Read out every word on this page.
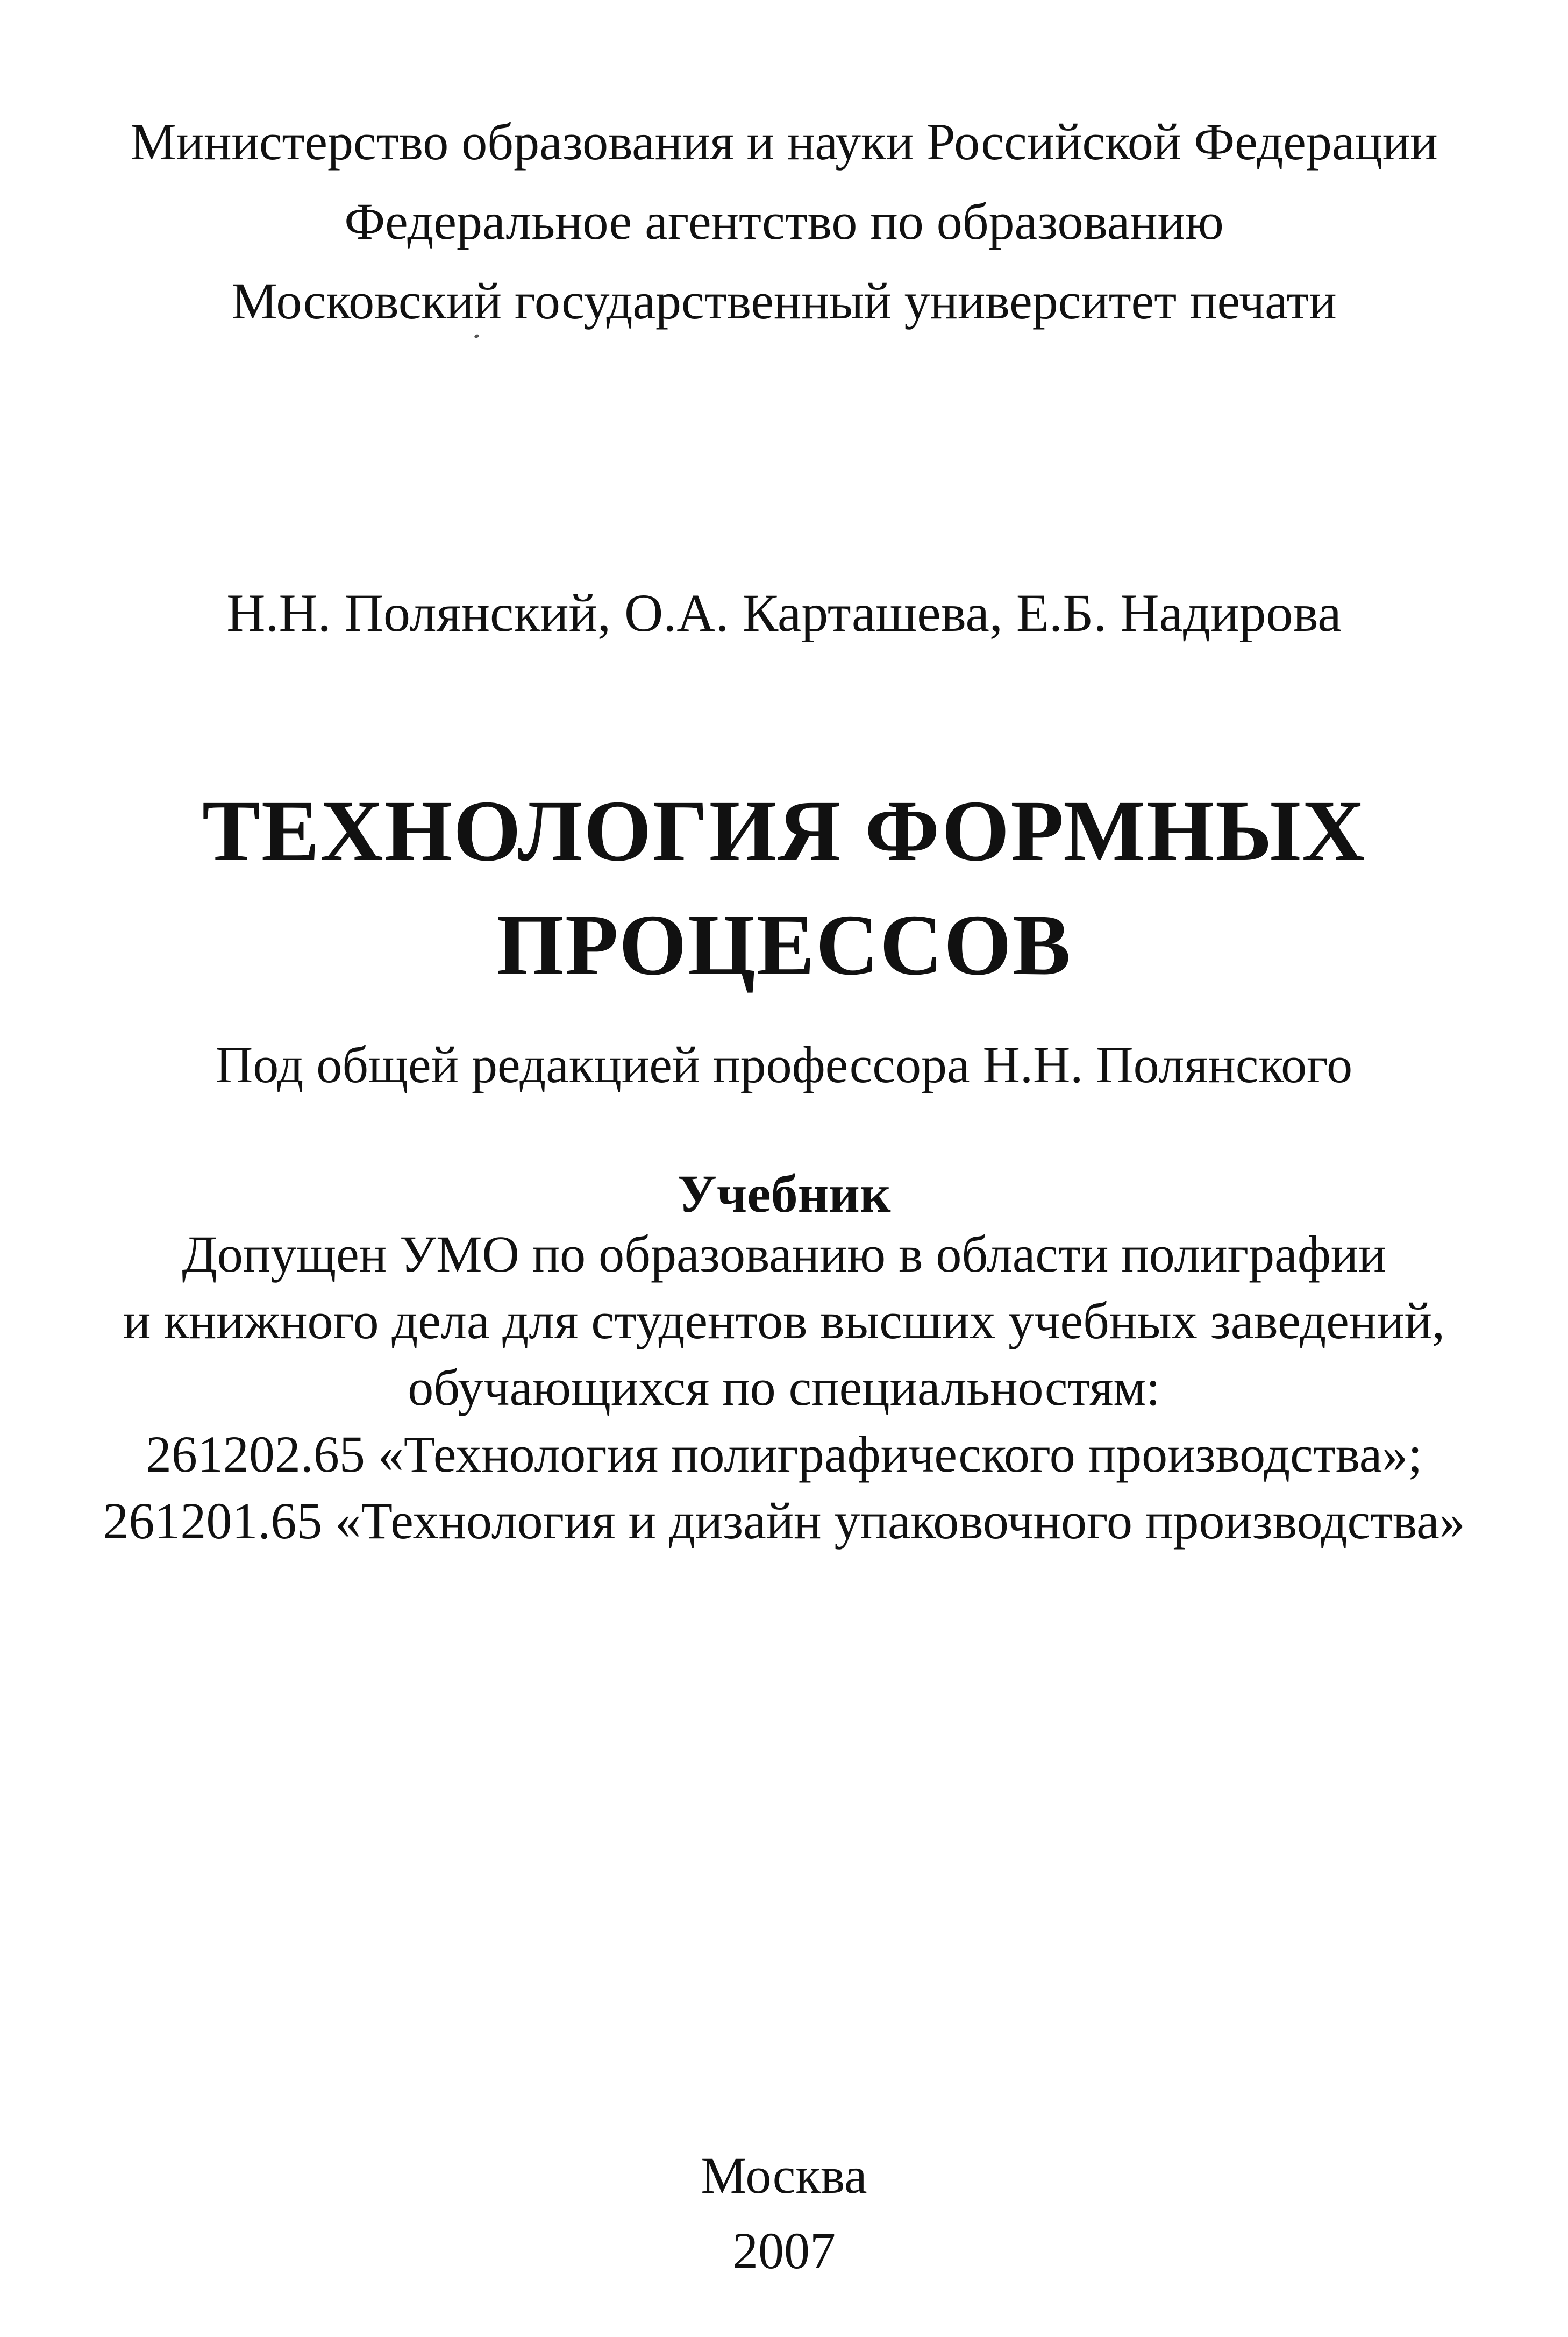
Министерство образования и науки Российской Федерации
Федеральное агентство по образованию
Московский государственный университет печати
Н.Н. Полянский, О.А. Карташева, Е.Б. Надирова
ТЕХНОЛОГИЯ ФОРМНЫХ
ПРОЦЕССОВ
Под общей редакцией профессора Н.Н. Полянского
Учебник
Допущен УМО по образованию в области полиграфии
и книжного дела для студентов высших учебных заведений,
обучающихся по специальностям:
261202.65 «Технология полиграфического производства»;
261201.65 «Технология и дизайн упаковочного производства»
Москва
2007
